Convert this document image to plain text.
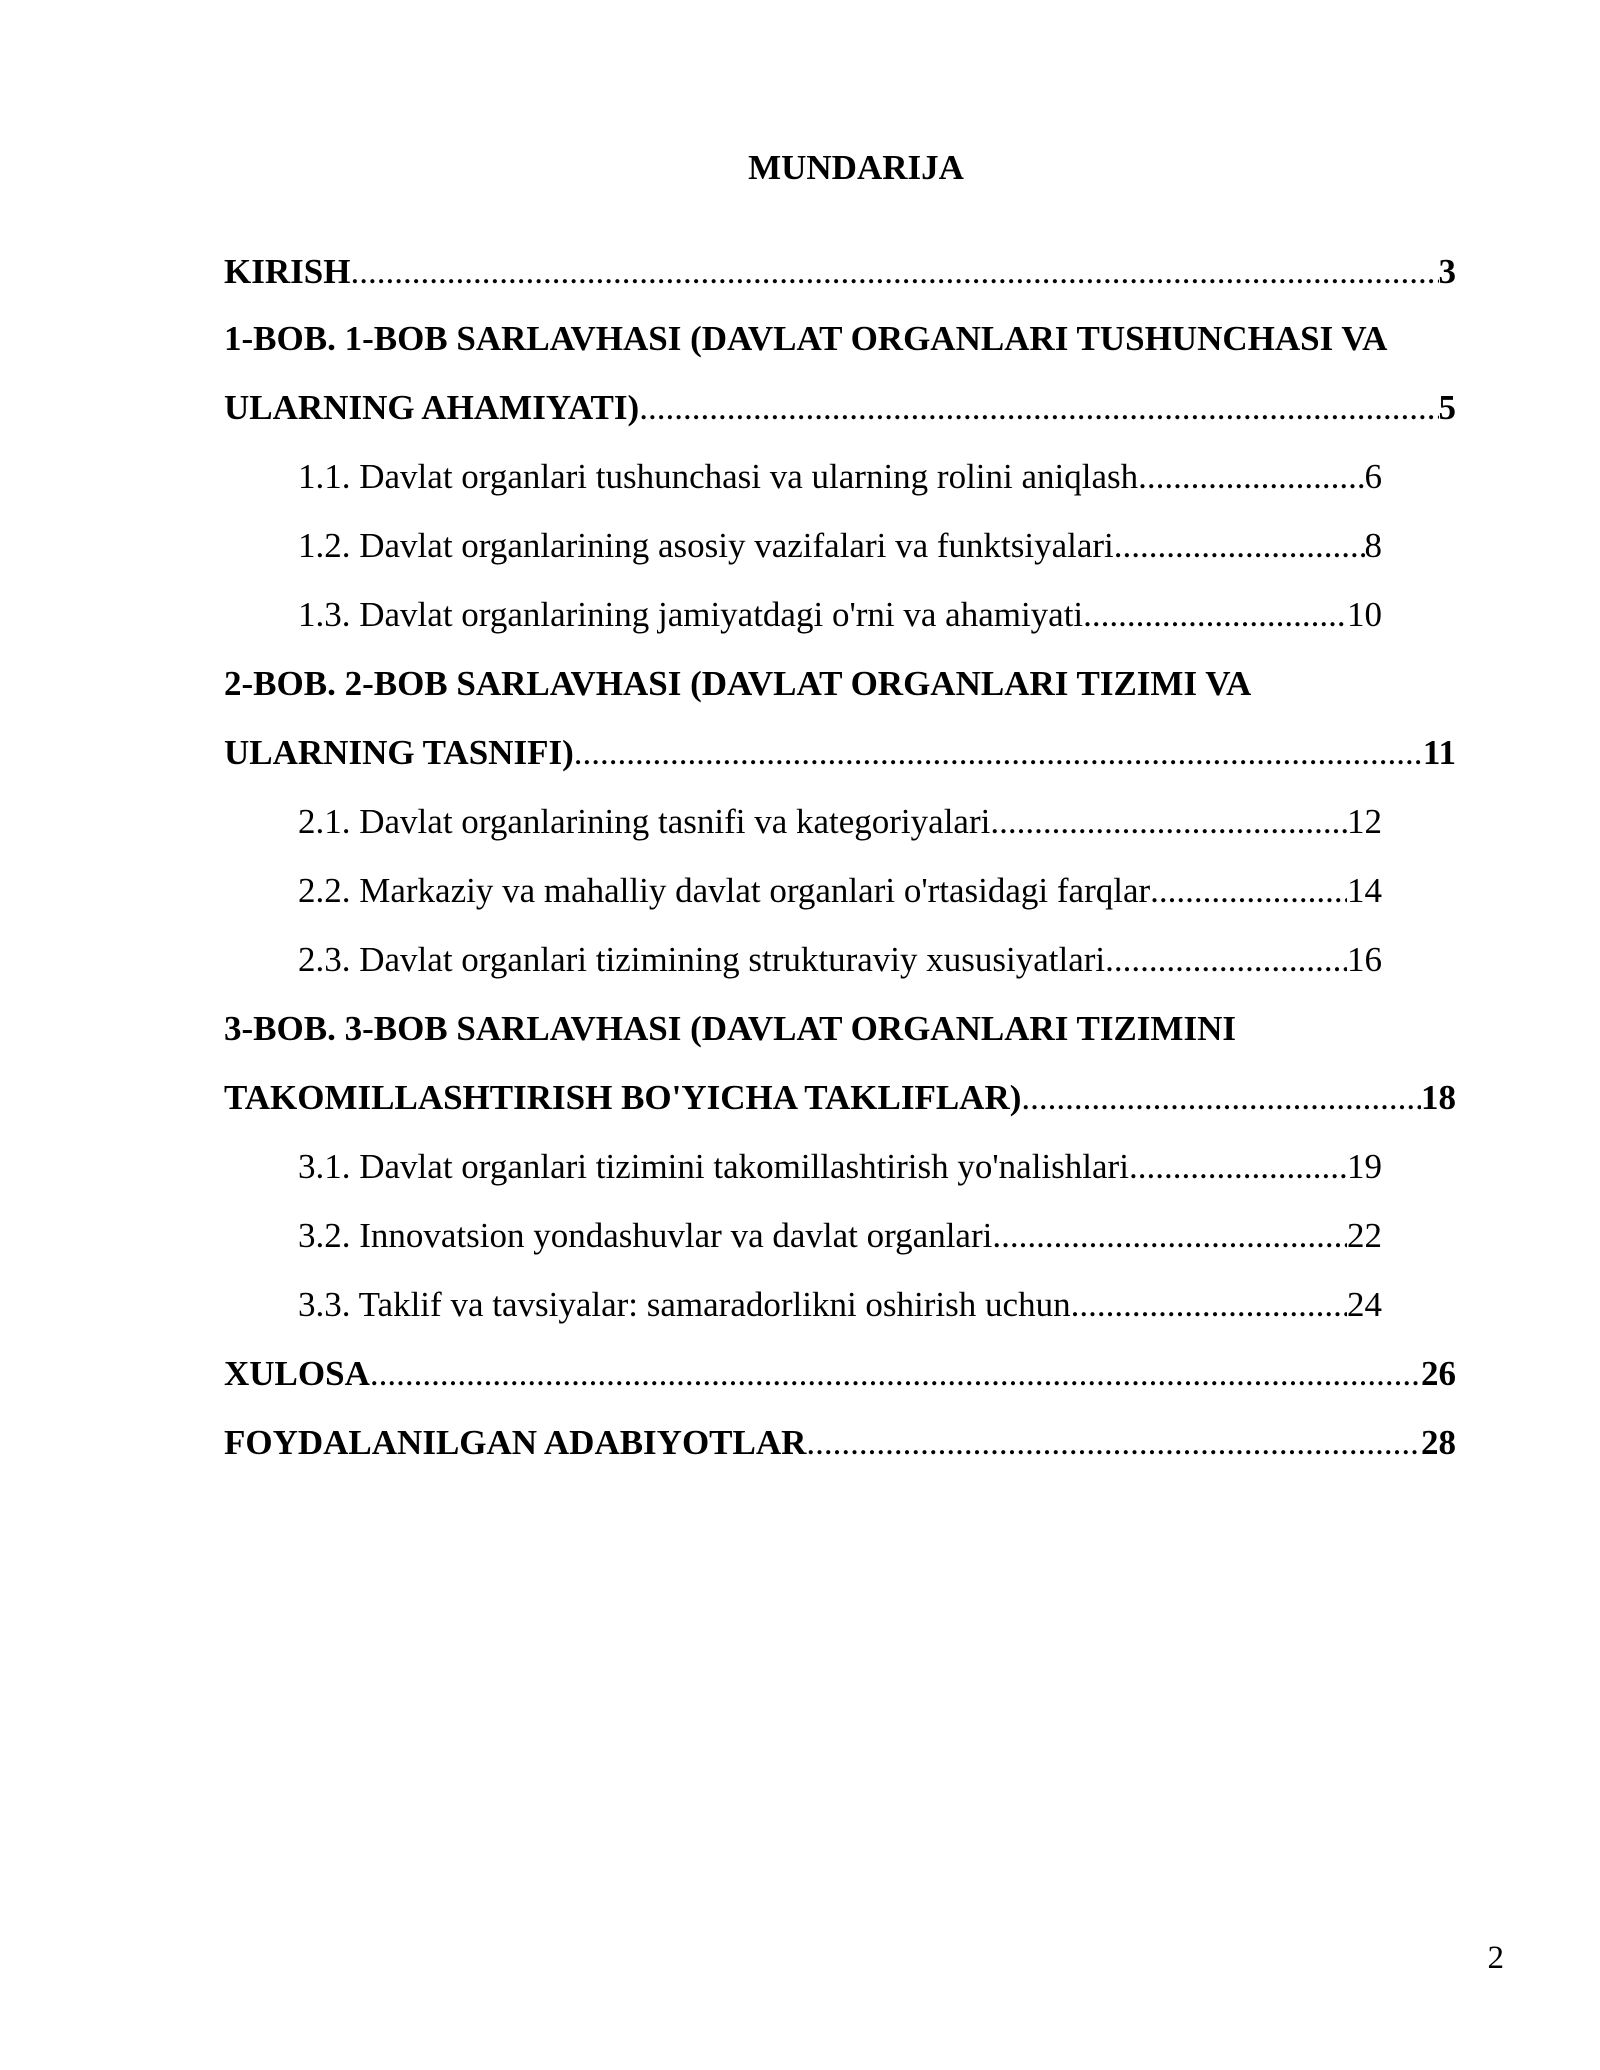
MUNDARIJA
KIRISH .....	3
1-BOB. 1-BOB SARLAVHASI (DAVLAT ORGANLARI TUSHUNCHASI VA
ULARNING AHAMIYATI) .....	5
1.1. Davlat organlari tushunchasi va ularning rolini aniqlash .....	6
1.2. Davlat organlarining asosiy vazifalari va funktsiyalari .....	8
1.3. Davlat organlarining jamiyatdagi o'rni va ahamiyati .....	10
2-BOB. 2-BOB SARLAVHASI (DAVLAT ORGANLARI TIZIMI VA
ULARNING TASNIFI) .....	11
2.1. Davlat organlarining tasnifi va kategoriyalari .....	12
2.2. Markaziy va mahalliy davlat organlari o'rtasidagi farqlar .....	14
2.3. Davlat organlari tizimining strukturaviy xususiyatlari .....	16
3-BOB. 3-BOB SARLAVHASI (DAVLAT ORGANLARI TIZIMINI
TAKOMILLASHTIRISH BO'YICHA TAKLIFLAR) .....	18
3.1. Davlat organlari tizimini takomillashtirish yo'nalishlari .....	19
3.2. Innovatsion yondashuvlar va davlat organlari .....	22
3.3. Taklif va tavsiyalar: samaradorlikni oshirish uchun .....	24
XULOSA .....	26
FOYDALANILGAN ADABIYOTLAR .....	28
2
